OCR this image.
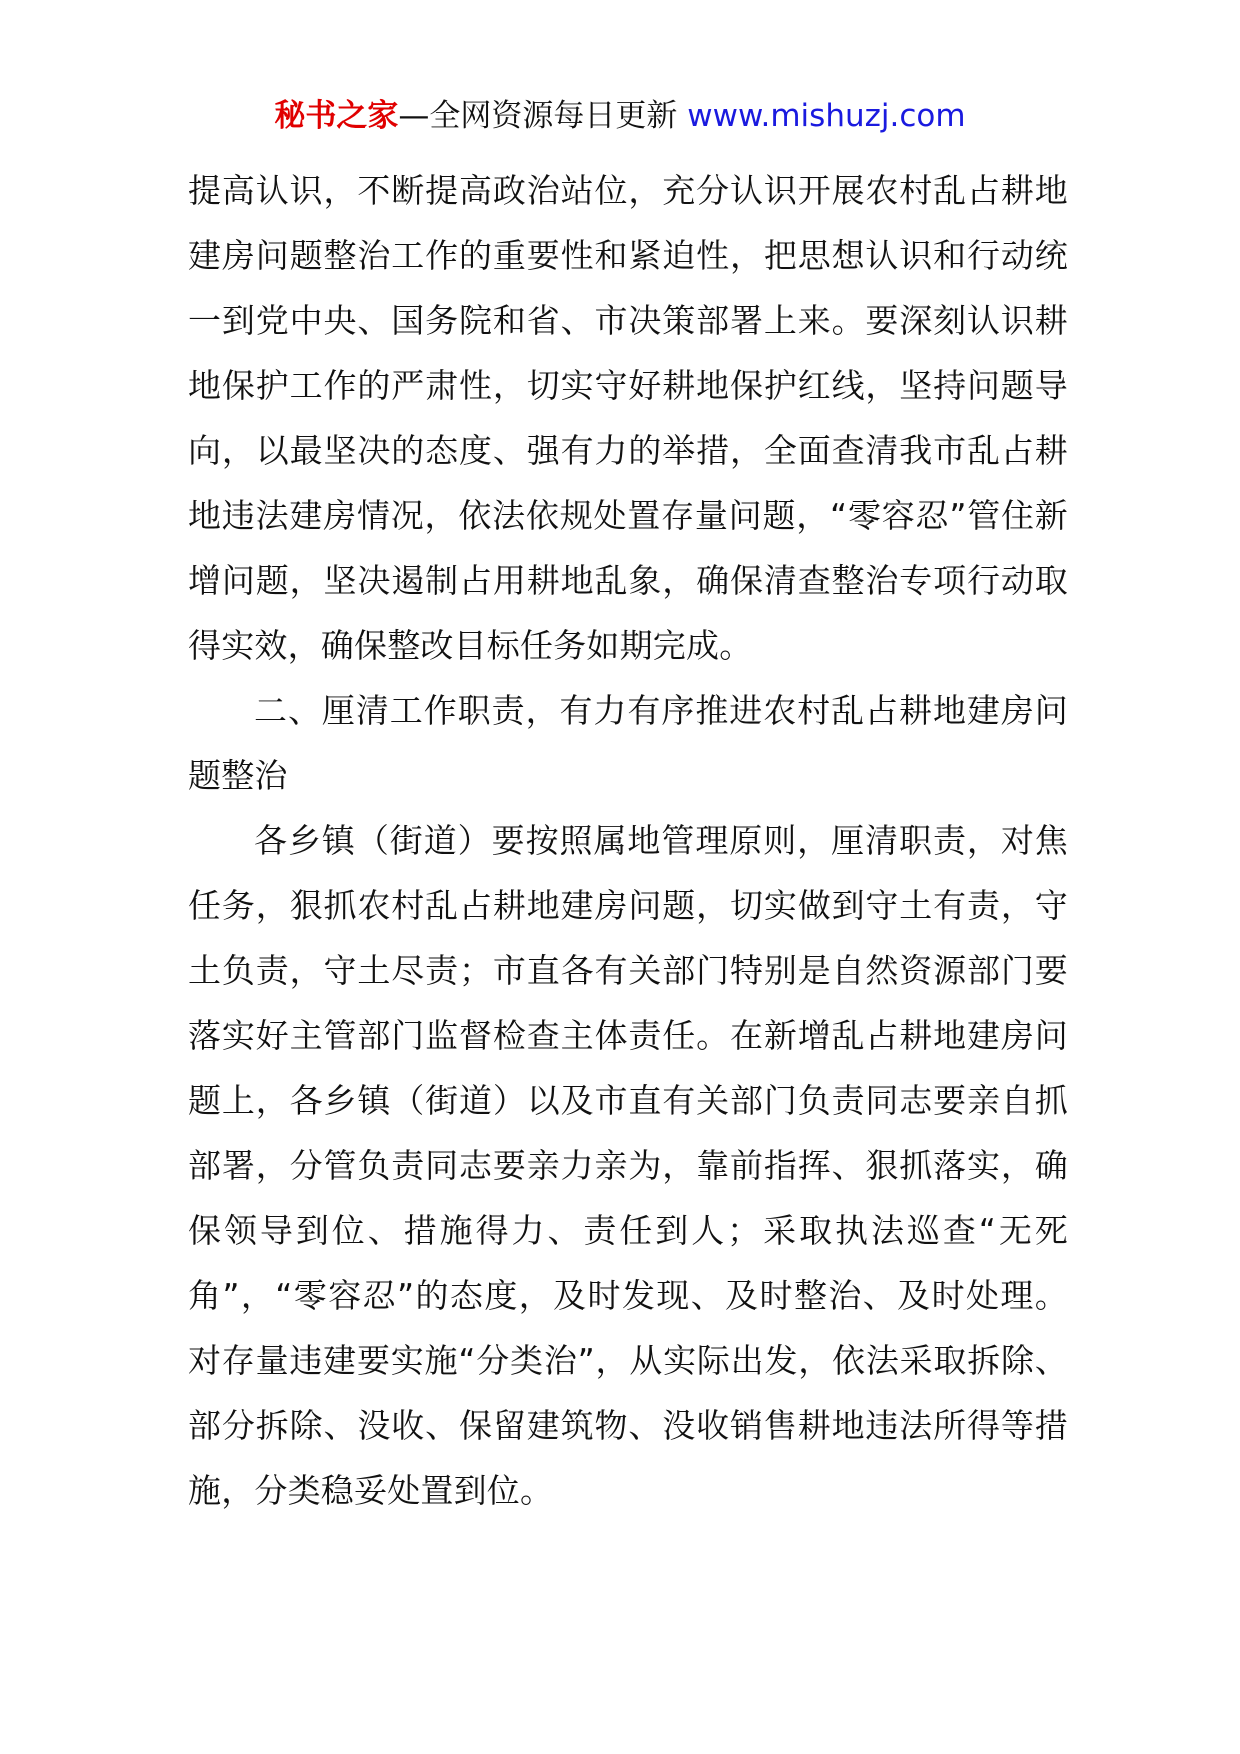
秘书之家—全网资源每日更新 www.mishuzj.com

提高认识，不断提高政治站位，充分认识开展农村乱占耕地建房问题整治工作的重要性和紧迫性，把思想认识和行动统一到党中央、国务院和省、市决策部署上来。要深刻认识耕地保护工作的严肃性，切实守好耕地保护红线，坚持问题导向，以最坚决的态度、强有力的举措，全面查清我市乱占耕地违法建房情况，依法依规处置存量问题，“零容忍”管住新增问题，坚决遏制占用耕地乱象，确保清查整治专项行动取得实效，确保整改目标任务如期完成。

二、厘清工作职责，有力有序推进农村乱占耕地建房问题整治

各乡镇（街道）要按照属地管理原则，厘清职责，对焦任务，狠抓农村乱占耕地建房问题，切实做到守土有责，守土负责，守土尽责；市直各有关部门特别是自然资源部门要落实好主管部门监督检查主体责任。在新增乱占耕地建房问题上，各乡镇（街道）以及市直有关部门负责同志要亲自抓部署，分管负责同志要亲力亲为，靠前指挥、狠抓落实，确保领导到位、措施得力、责任到人；采取执法巡查“无死角”，“零容忍”的态度，及时发现、及时整治、及时处理。对存量违建要实施“分类治”，从实际出发，依法采取拆除、部分拆除、没收、保留建筑物、没收销售耕地违法所得等措施，分类稳妥处置到位。
